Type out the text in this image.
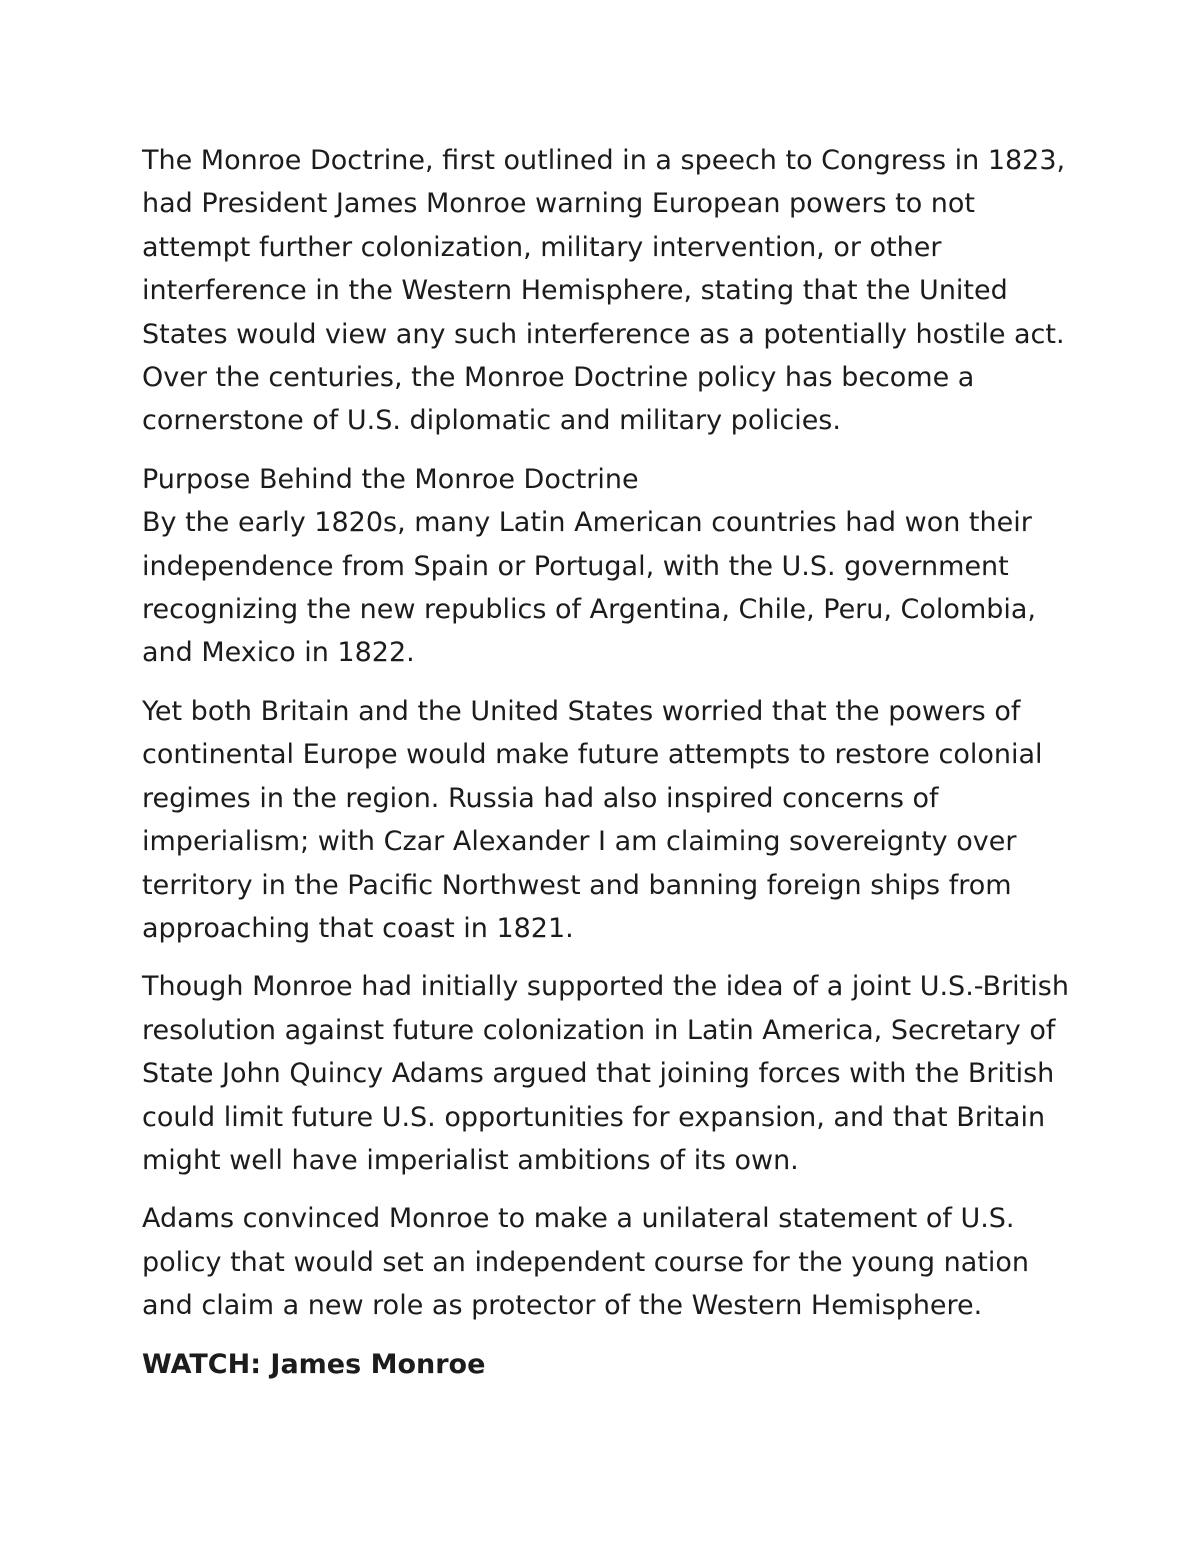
The Monroe Doctrine, first outlined in a speech to Congress in 1823, had President James Monroe warning European powers to not attempt further colonization, military intervention, or other interference in the Western Hemisphere, stating that the United States would view any such interference as a potentially hostile act. Over the centuries, the Monroe Doctrine policy has become a cornerstone of U.S. diplomatic and military policies.

Purpose Behind the Monroe Doctrine
By the early 1820s, many Latin American countries had won their independence from Spain or Portugal, with the U.S. government recognizing the new republics of Argentina, Chile, Peru, Colombia, and Mexico in 1822.

Yet both Britain and the United States worried that the powers of continental Europe would make future attempts to restore colonial regimes in the region. Russia had also inspired concerns of imperialism; with Czar Alexander I am claiming sovereignty over territory in the Pacific Northwest and banning foreign ships from approaching that coast in 1821.

Though Monroe had initially supported the idea of a joint U.S.-British resolution against future colonization in Latin America, Secretary of State John Quincy Adams argued that joining forces with the British could limit future U.S. opportunities for expansion, and that Britain might well have imperialist ambitions of its own.

Adams convinced Monroe to make a unilateral statement of U.S. policy that would set an independent course for the young nation and claim a new role as protector of the Western Hemisphere.

WATCH: James Monroe
